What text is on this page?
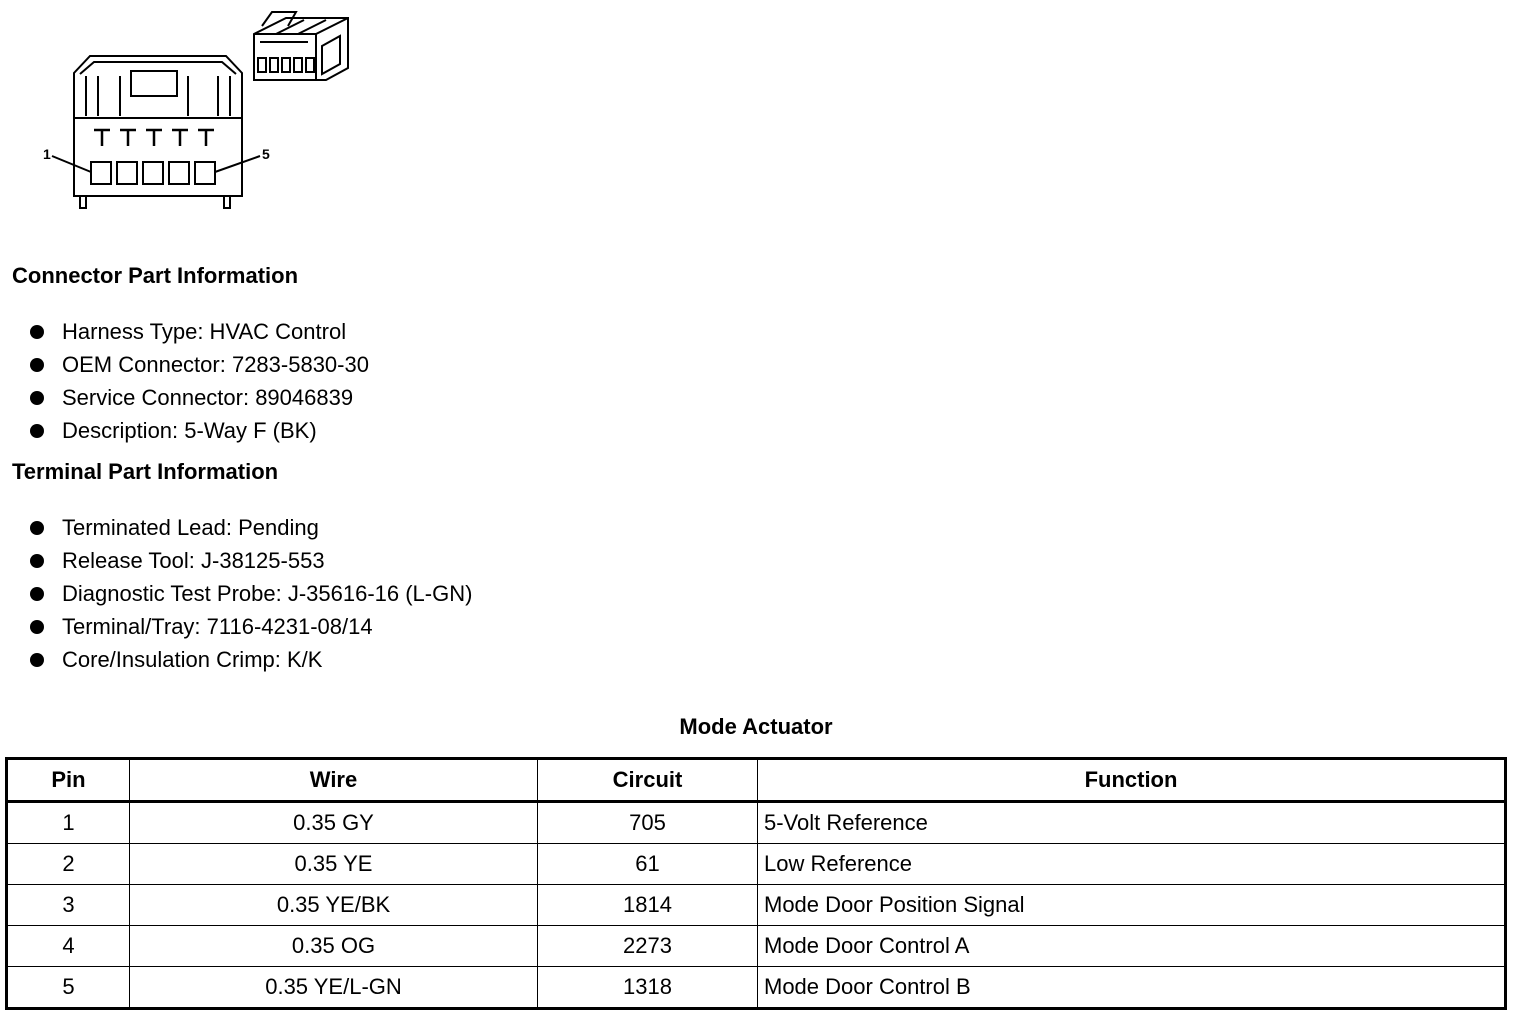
1	5
Connector Part Information
Harness Type: HVAC Control
OEM Connector: 7283-5830-30
Service Connector: 89046839
Description: 5-Way F (BK)
Terminal Part Information
Terminated Lead: Pending
Release Tool: J-38125-553
Diagnostic Test Probe: J-35616-16 (L-GN)
Terminal/Tray: 7116-4231-08/14
Core/Insulation Crimp: K/K
Mode Actuator
Pin	Wire	Circuit	Function
1	0.35 GY	705	5-Volt Reference
2	0.35 YE	61	Low Reference
3	0.35 YE/BK	1814	Mode Door Position Signal
4	0.35 OG	2273	Mode Door Control A
5	0.35 YE/L-GN	1318	Mode Door Control B
